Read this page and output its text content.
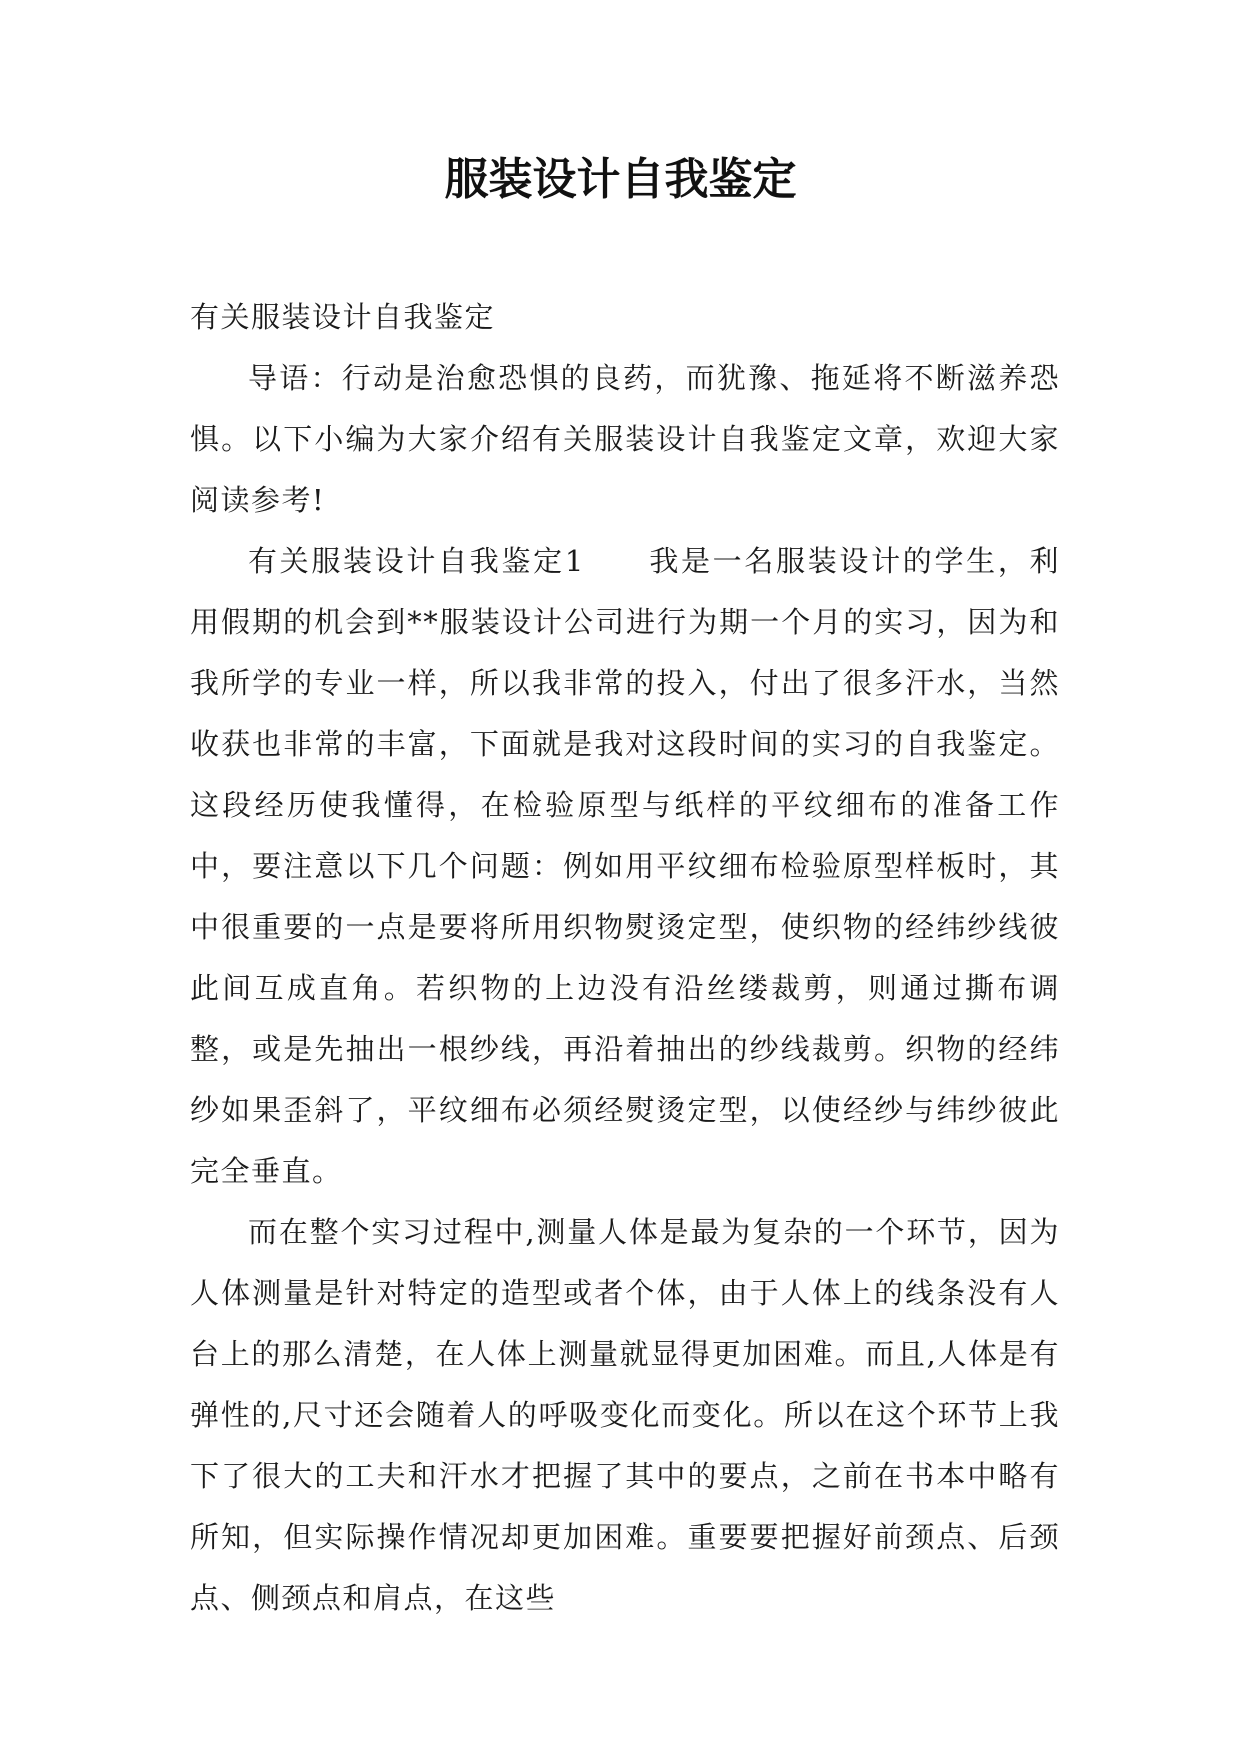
服装设计自我鉴定

有关服装设计自我鉴定

导语：行动是治愈恐惧的良药，而犹豫、拖延将不断滋养恐惧。以下小编为大家介绍有关服装设计自我鉴定文章，欢迎大家阅读参考!

有关服装设计自我鉴定1　　我是一名服装设计的学生，利用假期的机会到**服装设计公司进行为期一个月的实习，因为和我所学的专业一样，所以我非常的投入，付出了很多汗水，当然收获也非常的丰富，下面就是我对这段时间的实习的自我鉴定。 这段经历使我懂得，在检验原型与纸样的平纹细布的准备工作中，要注意以下几个问题：例如用平纹细布检验原型样板时，其中很重要的一点是要将所用织物熨烫定型，使织物的经纬纱线彼此间互成直角。若织物的上边没有沿丝缕裁剪，则通过撕布调整，或是先抽出一根纱线，再沿着抽出的纱线裁剪。织物的经纬纱如果歪斜了，平纹细布必须经熨烫定型，以使经纱与纬纱彼此完全垂直。

而在整个实习过程中,测量人体是最为复杂的一个环节，因为人体测量是针对特定的造型或者个体，由于人体上的线条没有人台上的那么清楚，在人体上测量就显得更加困难。而且,人体是有弹性的,尺寸还会随着人的呼吸变化而变化。所以在这个环节上我下了很大的工夫和汗水才把握了其中的要点，之前在书本中略有所知，但实际操作情况却更加困难。重要要把握好前颈点、后颈点、侧颈点和肩点，在这些
